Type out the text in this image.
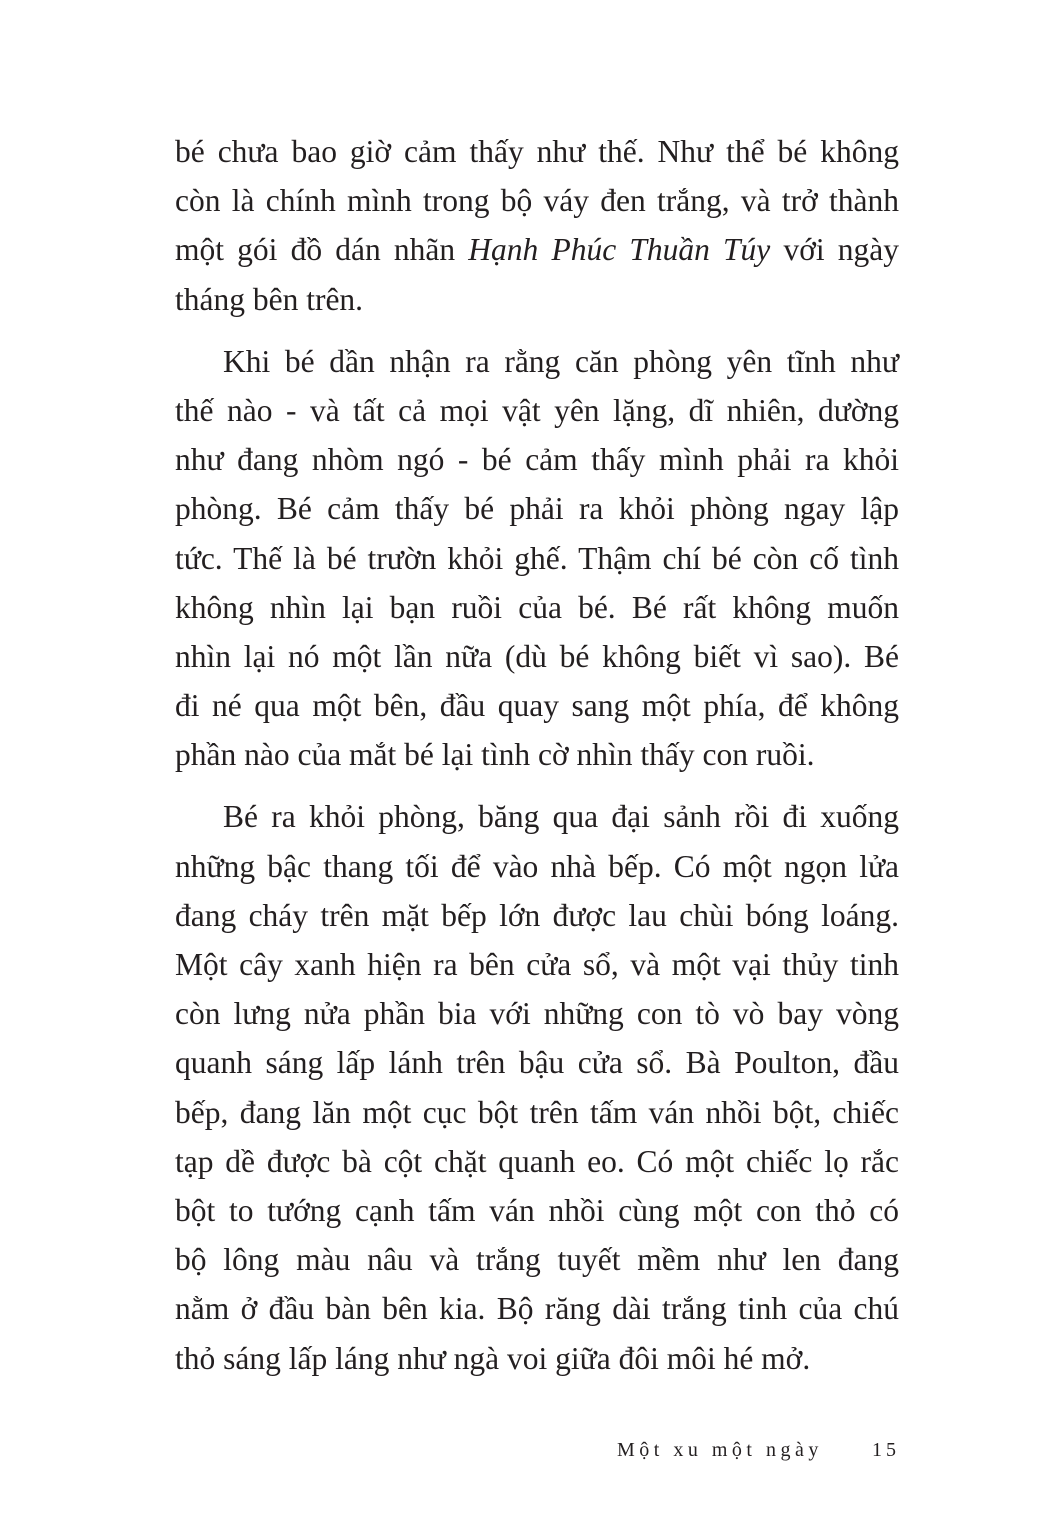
bé chưa bao giờ cảm thấy như thế. Như thể bé không
còn là chính mình trong bộ váy đen trắng, và trở thành
một gói đồ dán nhãn Hạnh Phúc Thuần Túy với ngày
tháng bên trên.
Khi bé dần nhận ra rằng căn phòng yên tĩnh như
thế nào - và tất cả mọi vật yên lặng, dĩ nhiên, dường
như đang nhòm ngó - bé cảm thấy mình phải ra khỏi
phòng. Bé cảm thấy bé phải ra khỏi phòng ngay lập
tức. Thế là bé trườn khỏi ghế. Thậm chí bé còn cố tình
không nhìn lại bạn ruồi của bé. Bé rất không muốn
nhìn lại nó một lần nữa (dù bé không biết vì sao). Bé
đi né qua một bên, đầu quay sang một phía, để không
phần nào của mắt bé lại tình cờ nhìn thấy con ruồi.
Bé ra khỏi phòng, băng qua đại sảnh rồi đi xuống
những bậc thang tối để vào nhà bếp. Có một ngọn lửa
đang cháy trên mặt bếp lớn được lau chùi bóng loáng.
Một cây xanh hiện ra bên cửa sổ, và một vại thủy tinh
còn lưng nửa phần bia với những con tò vò bay vòng
quanh sáng lấp lánh trên bậu cửa sổ. Bà Poulton, đầu
bếp, đang lăn một cục bột trên tấm ván nhồi bột, chiếc
tạp dề được bà cột chặt quanh eo. Có một chiếc lọ rắc
bột to tướng cạnh tấm ván nhồi cùng một con thỏ có
bộ lông màu nâu và trắng tuyết mềm như len đang
nằm ở đầu bàn bên kia. Bộ răng dài trắng tinh của chú
thỏ sáng lấp láng như ngà voi giữa đôi môi hé mở.
Một xu một ngày 15
